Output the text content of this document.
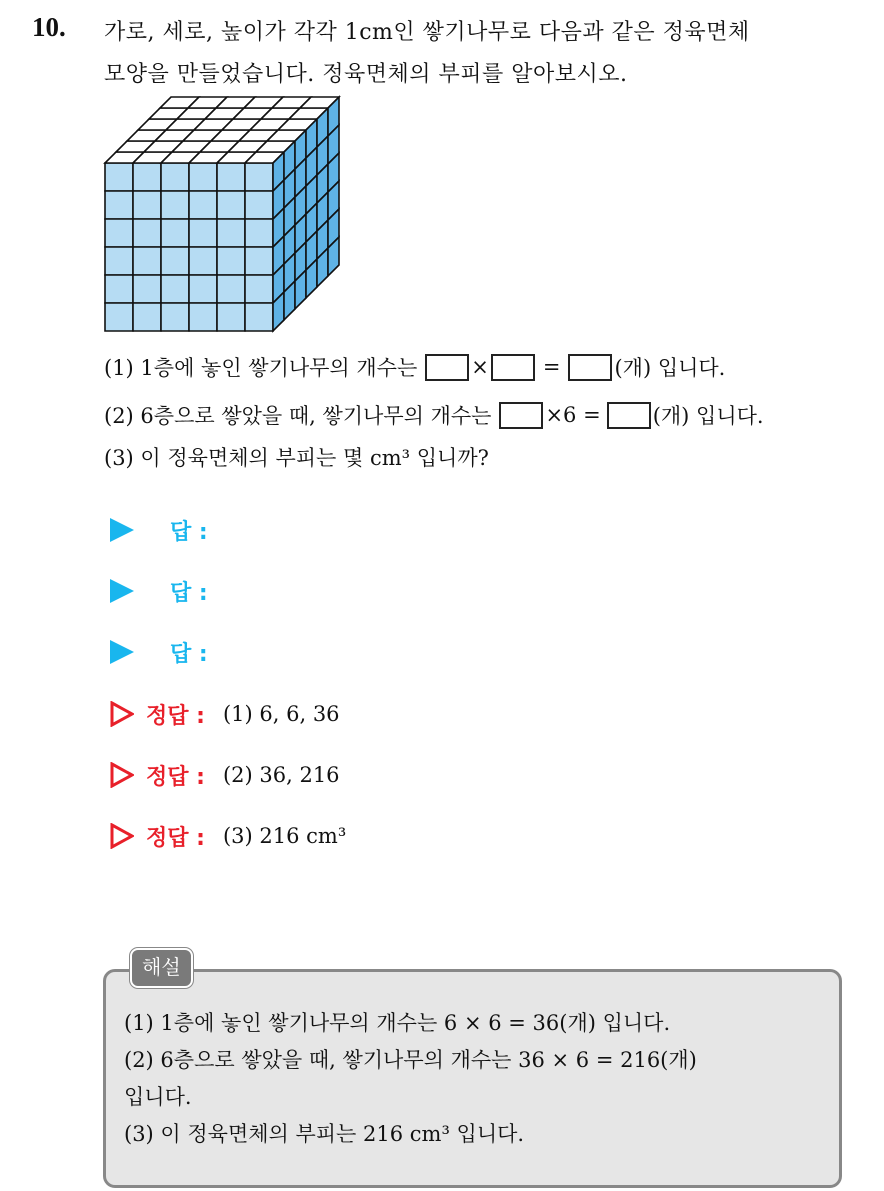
10. 가로, 세로, 높이가 각각 1cm인 쌓기나무로 다음과 같은 정육면체
모양을 만들었습니다. 정육면체의 부피를 알아보시오.
(1) 1층에 놓인 쌓기나무의 개수는	×	=	(개) 입니다.
(2) 6층으로 쌓았을 때, 쌓기나무의 개수는	×6 = (개) 입니다.
(3) 이 정육면체의 부피는 몇 cm³ 입니까?
답 :
답 :
답 :
정답 : (1) 6, 6, 36
정답 : (2) 36, 216
정답 : (3) 216 cm³
해설
(1) 1층에 놓인 쌓기나무의 개수는 6 × 6 = 36(개) 입니다.
(2) 6층으로 쌓았을 때, 쌓기나무의 개수는 36 × 6 = 216(개)
입니다.
(3) 이 정육면체의 부피는 216 cm³ 입니다.
